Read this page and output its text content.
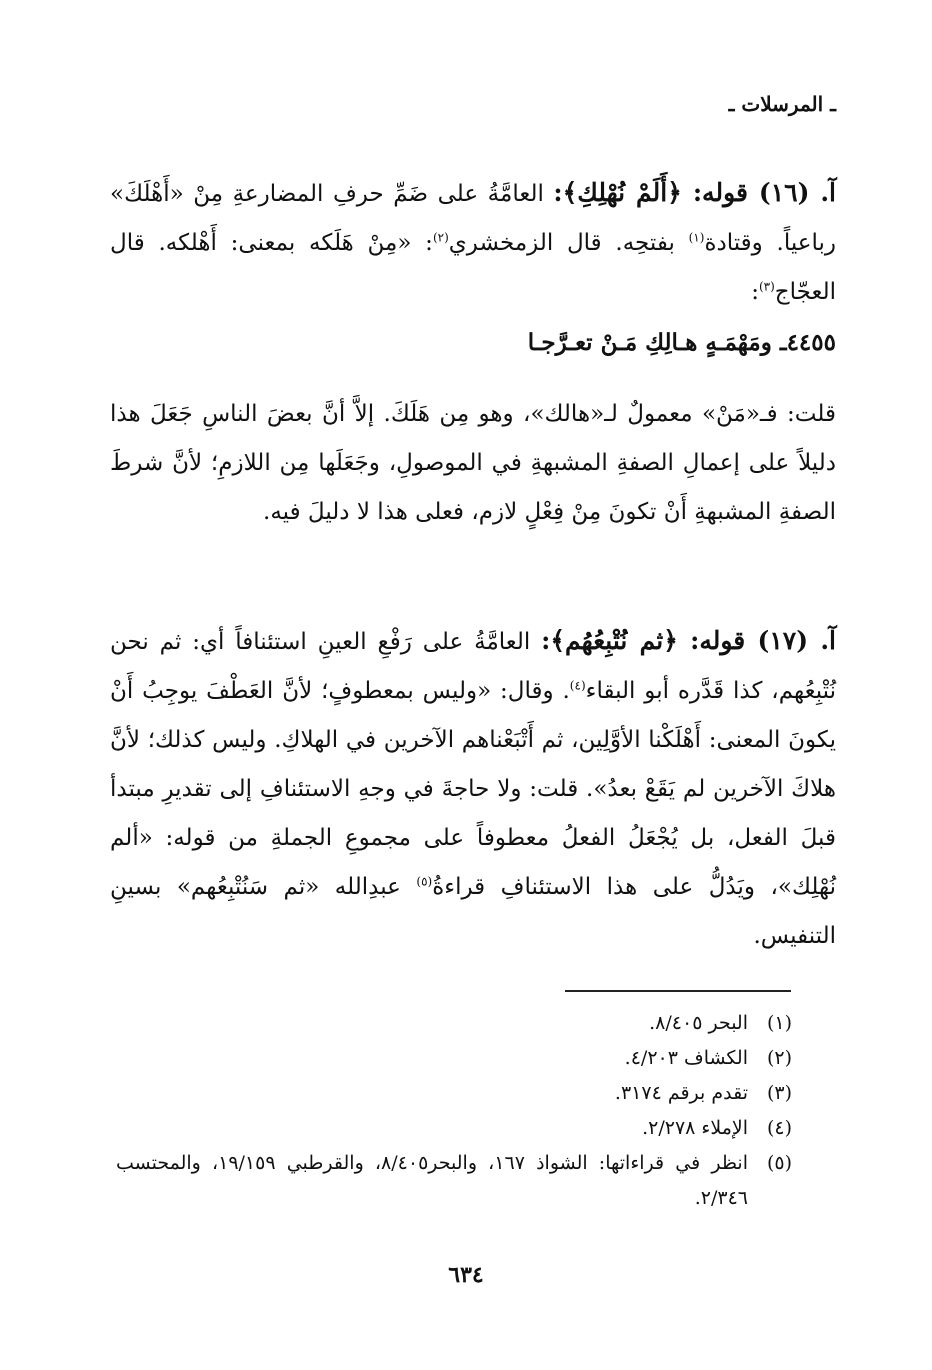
ـ المرسلات ـ
آ. (١٦) قوله: ﴿أَلَمْ نُهْلِكِ﴾: العامَّةُ على ضَمِّ حرفِ المضارعةِ مِنْ «أَهْلَكَ» رباعياً. وقتادة$^{(١)}$ بفتحِه. قال الزمخشري$^{(٢)}$: «مِنْ هَلَكه بمعنى: أَهْلكه. قال العجّاج$^{(٣)}$:
٤٤٥٥ـ ومَهْمَـهٍ هـالِكِ مَـنْ تعـرَّجـا
قلت: فـ«مَنْ» معمولٌ لـ«هالك»، وهو مِن هَلَكَ. إلاَّ أنَّ بعضَ الناسِ جَعَلَ هذا دليلاً على إعمالِ الصفةِ المشبهةِ في الموصولِ، وجَعَلَها مِن اللازمِ؛ لأنَّ شرطَ الصفةِ المشبهةِ أَنْ تكونَ مِنْ فِعْلٍ لازم، فعلى هذا لا دليلَ فيه.
آ. (١٧) قوله: ﴿ثم نُتْبِعُهُم﴾: العامَّةُ على رَفْعِ العينِ استئنافاً أي: ثم نحن نُتْبِعُهم، كذا قَدَّره أبو البقاء$^{(٤)}$. وقال: «وليس بمعطوفٍ؛ لأنَّ العَطْفَ يوجِبُ أَنْ يكونَ المعنى: أَهْلَكْنا الأوَّلِين، ثم أَتْبَعْناهم الآخرين في الهلاكِ. وليس كذلك؛ لأنَّ هلاكَ الآخرين لم يَقَعْ بعدُ». قلت: ولا حاجةَ في وجهِ الاستئنافِ إلى تقديرِ مبتدأ قبلَ الفعل، بل يُجْعَلُ الفعلُ معطوفاً على مجموعِ الجملةِ من قوله: «ألم نُهْلِك»، ويَدُلُّ على هذا الاستئنافِ قراءةُ$^{(٥)}$ عبدِالله «ثم سَنُتْبِعُهم» بسينِ التنفيس.
(١)
البحر ٨/٤٠٥.
(٢)
الكشاف ٤/٢٠٣.
(٣)
تقدم برقم ٣١٧٤.
(٤)
الإملاء ٢/٢٧٨.
(٥)
انظر في قراءاتها: الشواذ ١٦٧، والبحر٨/٤٠٥، والقرطبي ١٩/١٥٩، والمحتسب ٢/٣٤٦.
٦٣٤
